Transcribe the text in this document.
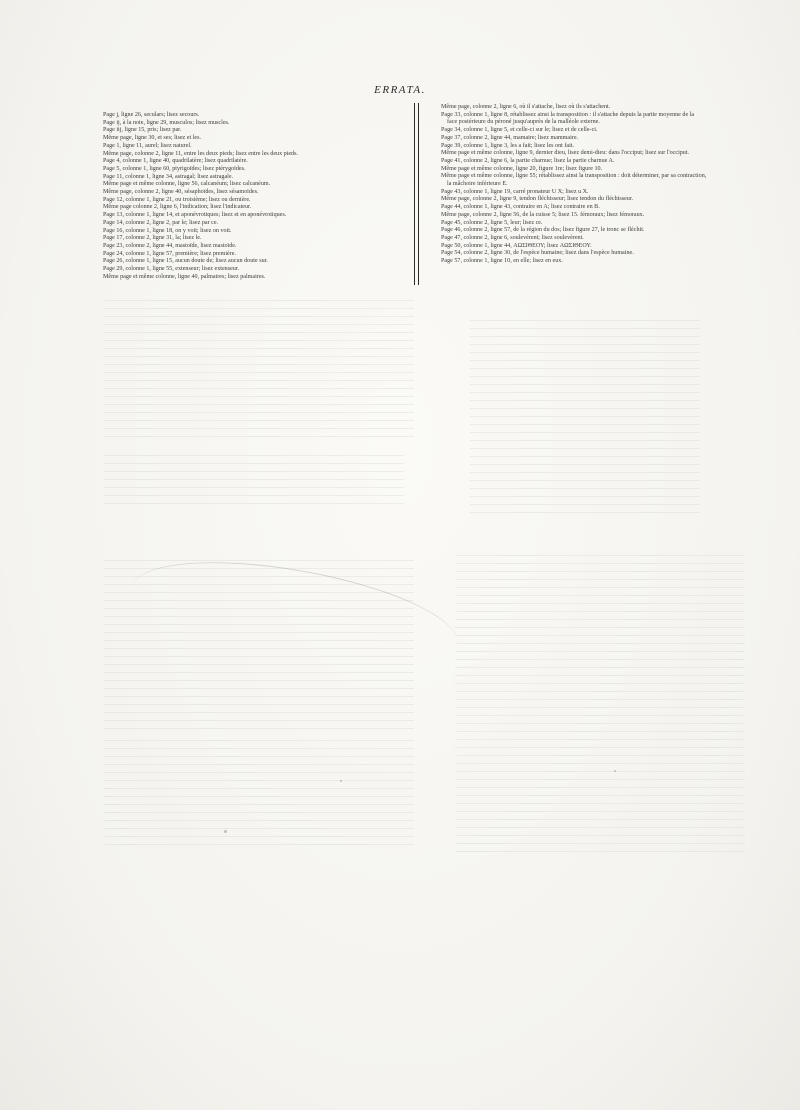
ERRATA.
Page j, ligne 26, seculars; lisez secours.
Page ij, à la note, ligne 29, musculos; lisez muscles.
Page iij, ligne 15, pris; lisez par.
Même page, ligne 30, et ses; lisez et les.
Page 1, ligne 11, aurel; lisez naturel.
Même page, colonne 2, ligne 11, entre les deux pieds; lisez entre les deux pieds.
Page 4, colonne 1, ligne 40, quadrilatère; lisez quadrilatère.
Page 5, colonne 1, ligne 60, ptyrigoïdes; lisez ptérygoïdes.
Page 11, colonne 1, ligne 34, astragal; lisez astragale.
Même page et même colonne, ligne 56, calcanéum; lisez calcanéum.
Même page, colonne 2, ligne 40, sésaphoïdes, lisez sésamoïdes.
Page 12, colonne 1, ligne 21, ou troisième; lisez ou dernière.
Même page colonne 2, ligne 6, l'indication; lisez l'indicateur.
Page 13, colonne 1, ligne 14, et aponévrotiques; lisez et en aponévrotiques.
Page 14, colonne 2, ligne 2, par le; lisez par ce.
Page 16, colonne 1, ligne 18, on y voit; lisez on voit.
Page 17, colonne 2, ligne 31, la; lisez le.
Page 23, colonne 2, ligne 44, mastoïde, lisez mastoïde.
Page 24, colonne 1, ligne 57, première; lisez première.
Page 26, colonne 1, ligne 15, aucun doute de; lisez aucun doute sur.
Page 29, colonne 1, ligne 55, extenseur; lisez extenseur.
Même page et même colonne, ligne 40, palmaires; lisez palmaires.
Même page, colonne 2, ligne 6, où il s'attache, lisez où ils s'attachent.
Page 33, colonne 1, ligne 8, rétablissez ainsi la transposition : il s'attache depuis la partie moyenne de la
face postérieure du péroné jusqu'auprès de la malléole externe.
Page 34, colonne 1, ligne 5, et celle-ci sur le; lisez et de celle-ci.
Page 37, colonne 2, ligne 44, mamaire; lisez mammaire.
Page 39, colonne 1, ligne 3, les a fait; lisez les ont fait.
Même page et même colonne, ligne 9, dernier dieu, lisez demi-dieu: dans l'occiput; lisez sur l'occiput.
Page 41, colonne 2, ligne 6, la partie charnue; lisez la partie charnue A.
Même page et même colonne, ligne 20, figure 1re; lisez figure 10.
Même page et même colonne, ligne 55; rétablissez ainsi la transposition : doit déterminer, par sa contraction,
la mâchoire inférieure E.
Page 43, colonne 1, ligne 19, carré pronateur U X; lisez u X.
Même page, colonne 2, ligne 9, tendon fléchisseur; lisez tendon du fléchisseur.
Page 44, colonne 1, ligne 43, contraire en A; lisez contraire en B.
Même page, colonne 2, ligne 56, de la cuisse 5; lisez 15. fémoraux; lisez fémoraux.
Page 45, colonne 2, ligne 5, leur; lisez ce.
Page 46, colonne 2, ligne 57, de la région du dos; lisez figure 27, le tronc se fléchit.
Page 47, colonne 2, ligne 6, soulevèrent; lisez soulevèrent.
Page 50, colonne 1, ligne 44, ΑΩΣΙΘΕΟΥ; lisez ΑΩΣΙΘΕΟΥ.
Page 54, colonne 2, ligne 30, de l'espèce humaine; lisez dans l'espèce humaine.
Page 57, colonne 1, ligne 10, en elle; lisez en eux.
